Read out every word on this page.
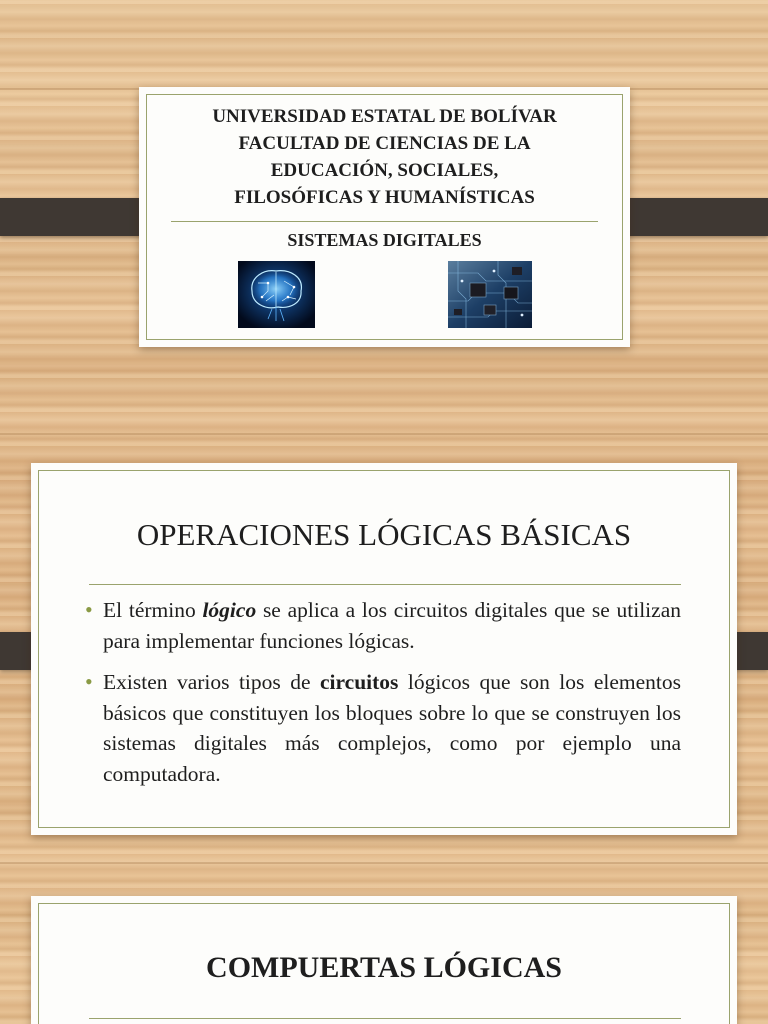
UNIVERSIDAD ESTATAL DE BOLÍVAR
FACULTAD DE CIENCIAS DE LA
EDUCACIÓN, SOCIALES,
FILOSÓFICAS Y HUMANÍSTICAS
SISTEMAS DIGITALES
OPERACIONES LÓGICAS BÁSICAS
• El término lógico se aplica a los circuitos digitales que se utilizan para implementar funciones lógicas.
• Existen varios tipos de circuitos lógicos que son los elementos básicos que constituyen los bloques sobre lo que se construyen los sistemas digitales más complejos, como por ejemplo una computadora.
COMPUERTAS LÓGICAS
